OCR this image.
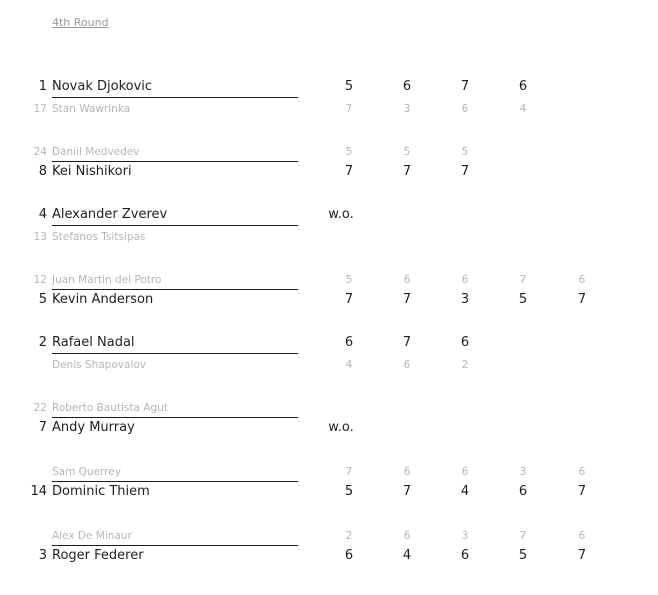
4th Round
1 Novak Djokovic	5	6	7	6
17 Stan Wawrinka	7	3	6	4
24 Daniil Medvedev	5	5	5
8 Kei Nishikori	7	7	7
4 Alexander Zverev	w.o.
13 Stefanos Tsitsipas
12 Juan Martin del Potro	5	6	6	7	6
5 Kevin Anderson	7	7	3	5	7
2 Rafael Nadal	6	7	6
Denis Shapovalov	4	6	2
22 Roberto Bautista Agut
7 Andy Murray	w.o.
Sam Querrey	7	6	6	3	6
14 Dominic Thiem	5	7	4	6	7
Alex De Minaur	2	6	3	7	6
3 Roger Federer	6	4	6	5	7
